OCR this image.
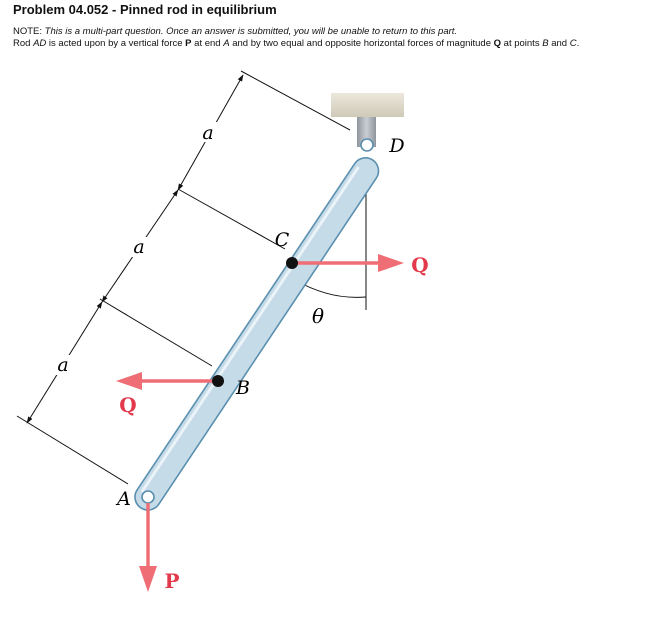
Problem 04.052 - Pinned rod in equilibrium
NOTE: This is a multi-part question. Once an answer is submitted, you will be unable to return to this part.
Rod AD is acted upon by a vertical force P at end A and by two equal and opposite horizontal forces of magnitude Q at points B and C.
a
a
a
θ
A
B
C
D
Q
Q
P
